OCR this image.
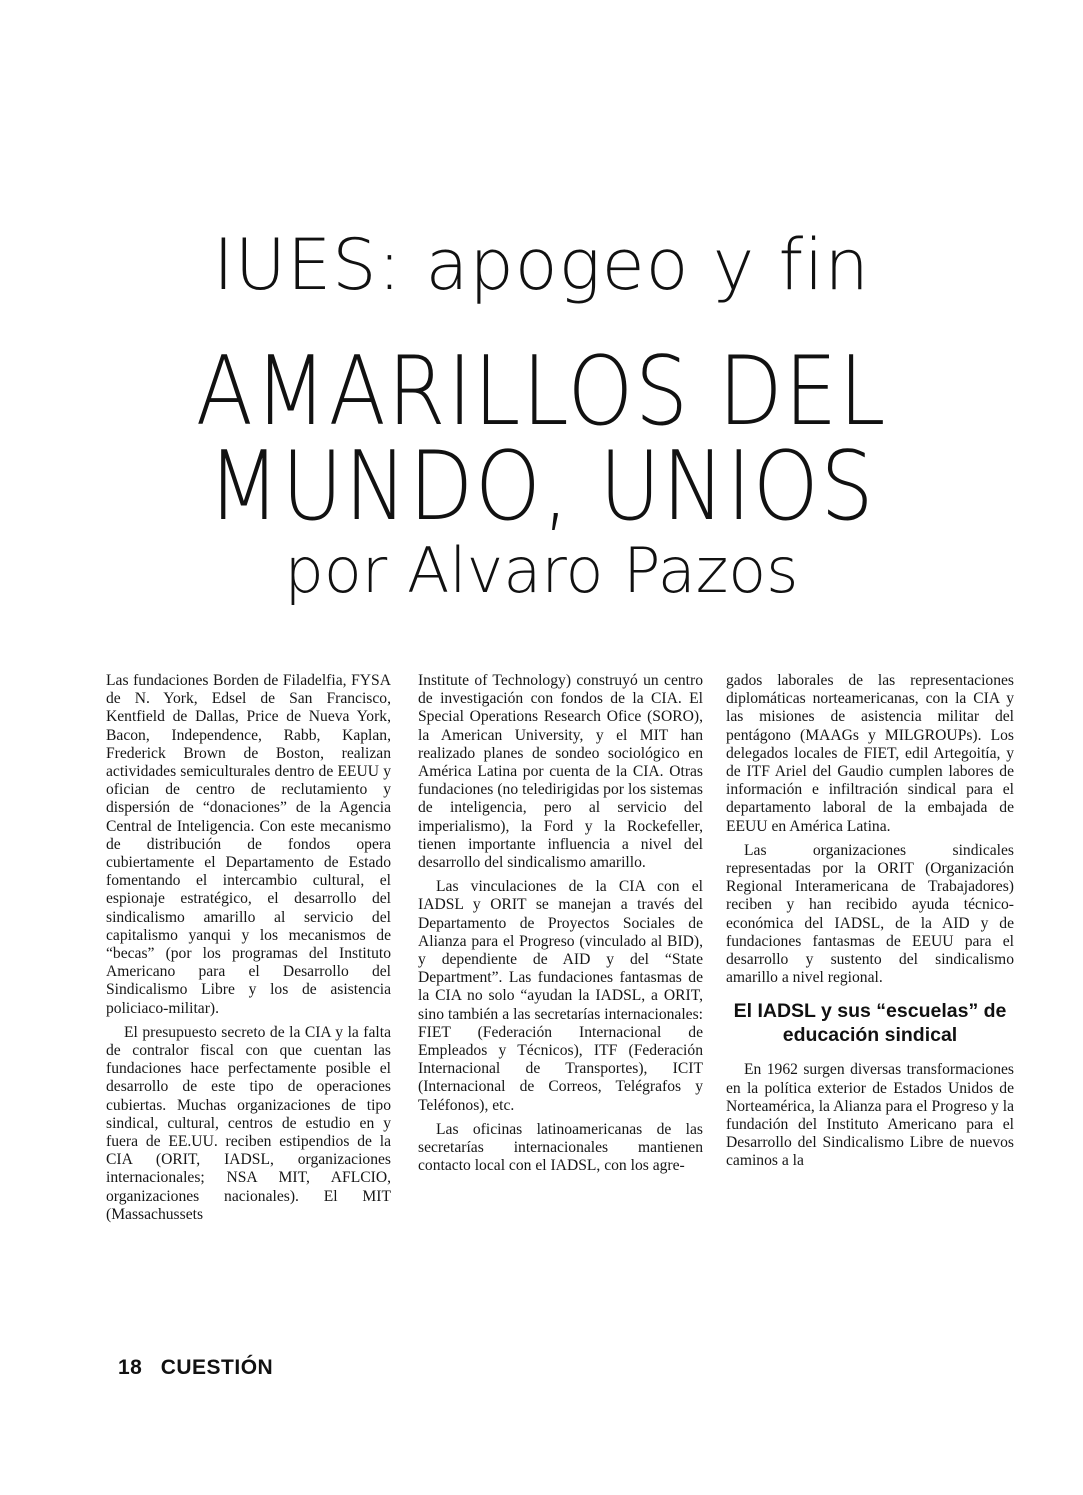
IUES: apogeo y fin
AMARILLOS DEL
MUNDO, UNIOS
por Alvaro Pazos

Las fundaciones Borden de Filadelfia, FYSA de N. York, Edsel de San Francisco, Kentfield de Dallas, Price de Nueva York, Bacon, Independence, Rabb, Kaplan, Frederick Brown de Boston, realizan actividades semiculturales dentro de EEUU y ofician de centro de reclutamiento y dispersión de “donaciones” de la Agencia Central de Inteligencia. Con este mecanismo de distribución de fondos opera cubiertamente el Departamento de Estado fomentando el intercambio cultural, el espionaje estratégico, el desarrollo del sindicalismo amarillo al servicio del capitalismo yanqui y los mecanismos de “becas” (por los programas del Instituto Americano para el Desarrollo del Sindicalismo Libre y los de asistencia policiaco-militar).

El presupuesto secreto de la CIA y la falta de contralor fiscal con que cuentan las fundaciones hace perfectamente posible el desarrollo de este tipo de operaciones cubiertas. Muchas organizaciones de tipo sindical, cultural, centros de estudio en y fuera de EE.UU. reciben estipendios de la CIA (ORIT, IADSL, organizaciones internacionales; NSA MIT, AFLCIO, organizaciones nacionales). El MIT (Massachussets

Institute of Technology) construyó un centro de investigación con fondos de la CIA. El Special Operations Research Ofice (SORO), la American University, y el MIT han realizado planes de sondeo sociológico en América Latina por cuenta de la CIA. Otras fundaciones (no teledirigidas por los sistemas de inteligencia, pero al servicio del imperialismo), la Ford y la Rockefeller, tienen importante influencia a nivel del desarrollo del sindicalismo amarillo.

Las vinculaciones de la CIA con el IADSL y ORIT se manejan a través del Departamento de Proyectos Sociales de Alianza para el Progreso (vinculado al BID), y dependiente de AID y del “State Department”. Las fundaciones fantasmas de la CIA no solo “ayudan la IADSL, a ORIT, sino también a las secretarías internacionales: FIET (Federación Internacional de Empleados y Técnicos), ITF (Federación Internacional de Transportes), ICIT (Internacional de Correos, Telégrafos y Teléfonos), etc.

Las oficinas latinoamericanas de las secretarías internacionales mantienen contacto local con el IADSL, con los agre-

gados laborales de las representaciones diplomáticas norteamericanas, con la CIA y las misiones de asistencia militar del pentágono (MAAGs y MILGROUPs). Los delegados locales de FIET, edil Artegoitía, y de ITF Ariel del Gaudio cumplen labores de información e infiltración sindical para el departamento laboral de la embajada de EEUU en América Latina.

Las organizaciones sindicales representadas por la ORIT (Organización Regional Interamericana de Trabajadores) reciben y han recibido ayuda técnico-económica del IADSL, de la AID y de fundaciones fantasmas de EEUU para el desarrollo y sustento del sindicalismo amarillo a nivel regional.

El IADSL y sus “escuelas” de educación sindical

En 1962 surgen diversas transformaciones en la política exterior de Estados Unidos de Norteamérica, la Alianza para el Progreso y la fundación del Instituto Americano para el Desarrollo del Sindicalismo Libre de nuevos caminos a la

18 CUESTIÓN
